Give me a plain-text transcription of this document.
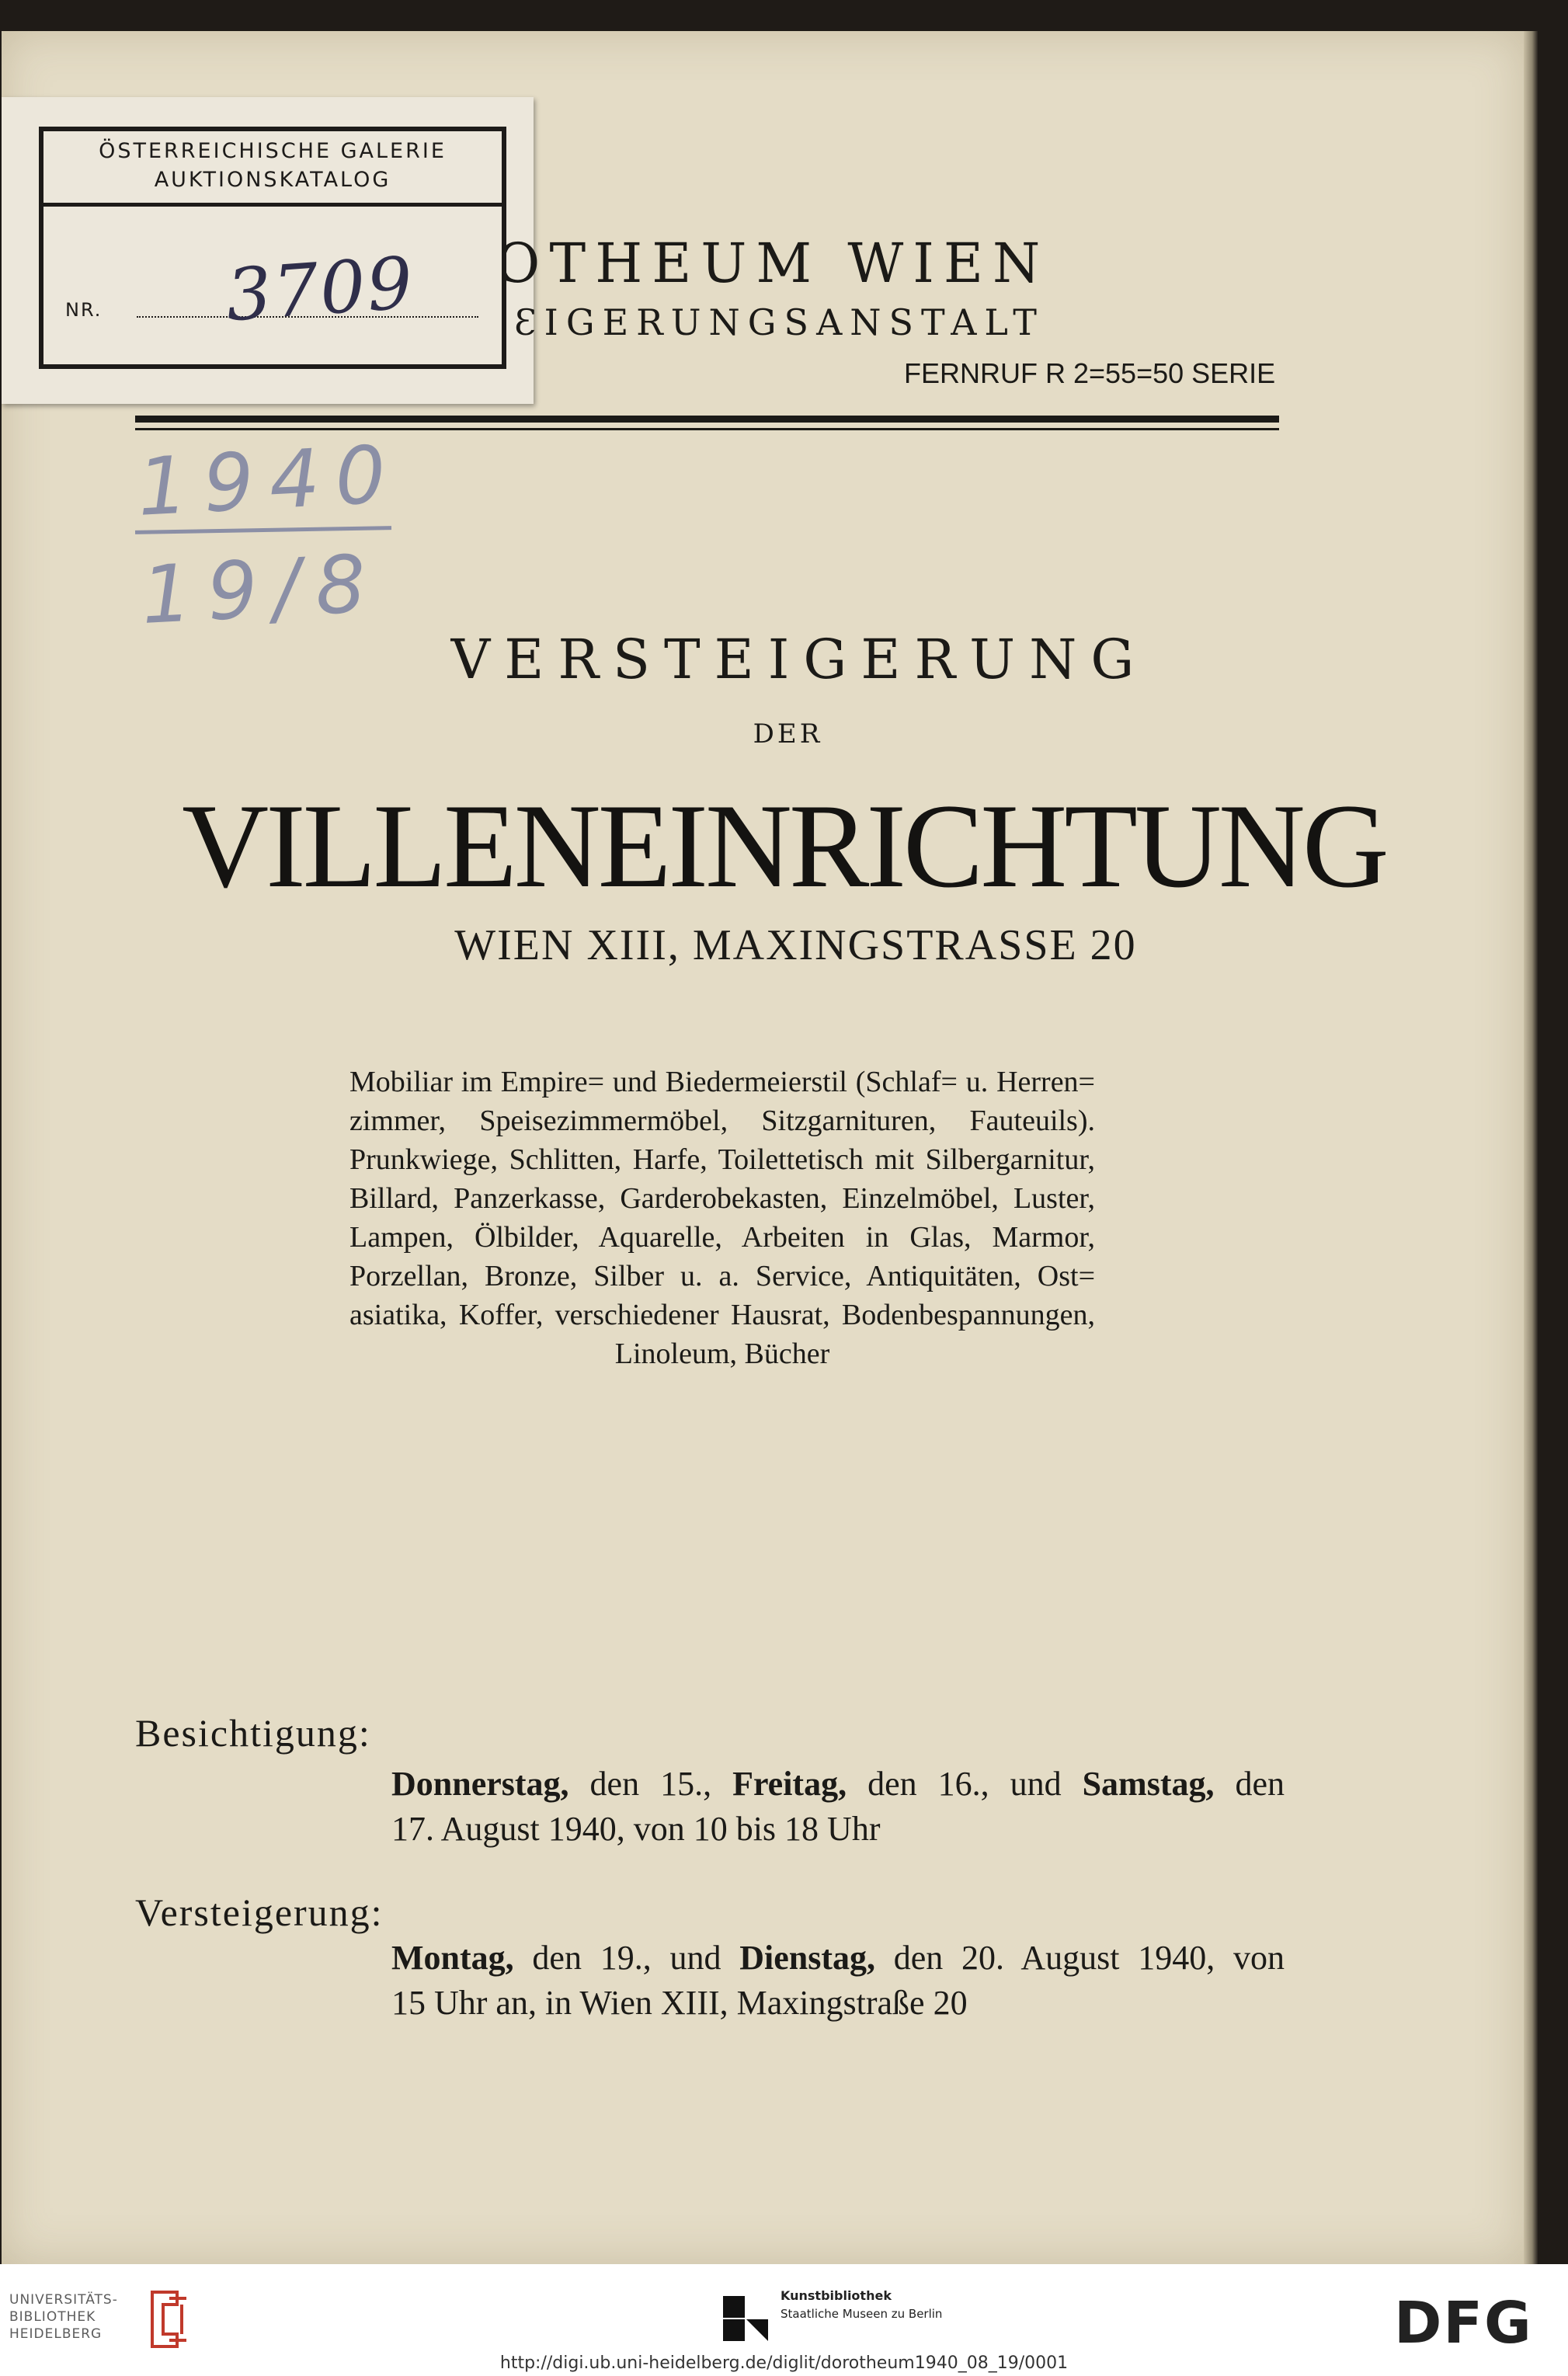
ÖSTERREICHISCHE GALERIE
AUKTIONSKATALOG
NR. 3709 ƆTHEUM WIEN
ƐIGERUNGSANSTALT
FERNRUF R 2=55=50 SERIE
1940
19/8
VERSTEIGERUNG
DER
VILLENEINRICHTUNG
WIEN XIII, MAXINGSTRASSE 20
Mobiliar im Empire= und Biedermeierstil (Schlaf= u. Herren=
zimmer, Speisezimmermöbel, Sitzgarnituren, Fauteuils).
Prunkwiege, Schlitten, Harfe, Toilettetisch mit Silbergarnitur,
Billard, Panzerkasse, Garderobekasten, Einzelmöbel, Luster,
Lampen, Ölbilder, Aquarelle, Arbeiten in Glas, Marmor,
Porzellan, Bronze, Silber u. a. Service, Antiquitäten, Ost=
asiatika, Koffer, verschiedener Hausrat, Bodenbespannungen,
Linoleum, Bücher
Besichtigung:
Donnerstag, den 15., Freitag, den 16., und Samstag, den
17. August 1940, von 10 bis 18 Uhr
Versteigerung:
Montag, den 19., und Dienstag, den 20. August 1940, von
15 Uhr an, in Wien XIII, Maxingstraße 20
UNIVERSITÄTS-
BIBLIOTHEK
HEIDELBERG
Kunstbibliothek
Staatliche Museen zu Berlin	DFG
http://digi.ub.uni-heidelberg.de/diglit/dorotheum1940_08_19/0001
